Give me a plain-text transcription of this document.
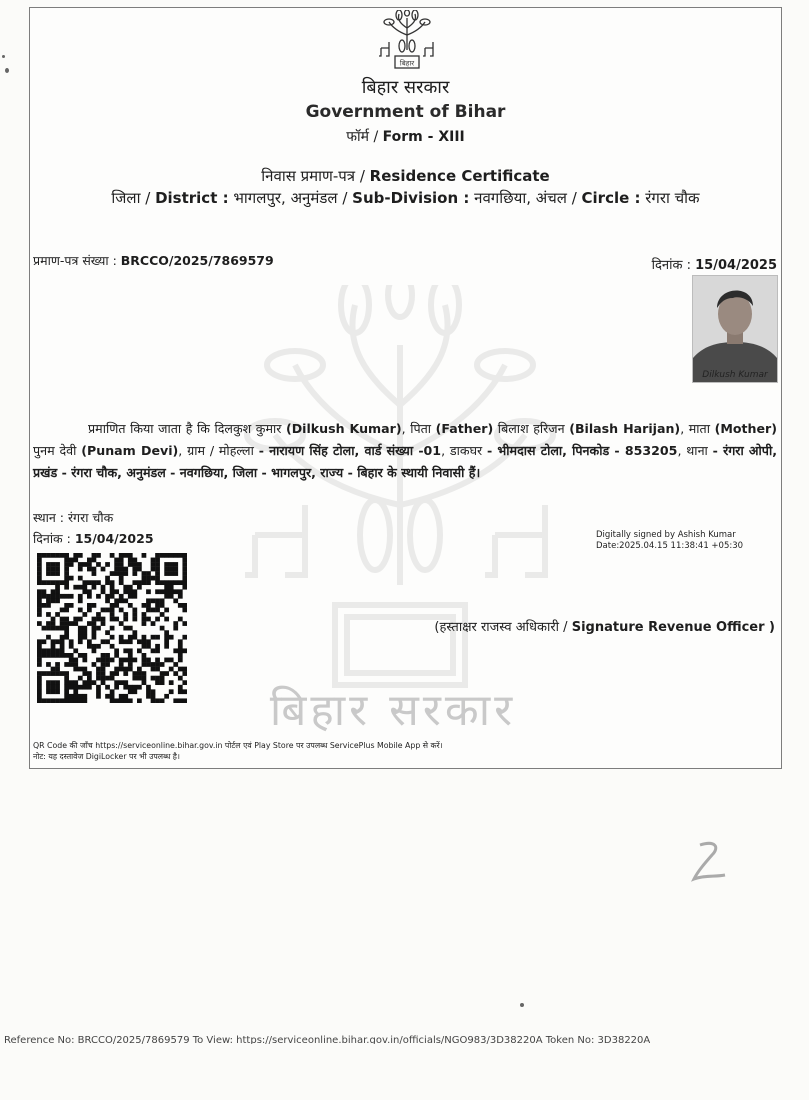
बिहार सरकार
बिहार
बिहार सरकार
Government of Bihar
फॉर्म / Form - XIII
निवास प्रमाण-पत्र / Residence Certificate
जिला / District : भागलपुर, अनुमंडल / Sub-Division : नवगछिया, अंचल / Circle : रंगरा चौक
प्रमाण-पत्र संख्या : BRCCO/2025/7869579	दिनांक : 15/04/2025
Dilkush Kumar
प्रमाणित किया जाता है कि दिलकुश कुमार (Dilkush Kumar), पिता (Father) बिलाश हरिजन (Bilash Harijan), माता (Mother) पुनम देवी (Punam Devi), ग्राम / मोहल्ला - नारायण सिंह टोला, वार्ड संख्या -01, डाकघर - भीमदास टोला, पिनकोड - 853205, थाना - रंगरा ओपी, प्रखंड - रंगरा चौक, अनुमंडल - नवगछिया, जिला - भागलपुर, राज्य - बिहार के स्थायी निवासी हैं।
स्थान : रंगरा चौक
दिनांक : 15/04/2025	Digitally signed by Ashish Kumar
Date:2025.04.15 11:38:41 +05:30
(हस्ताक्षर राजस्व अधिकारी / Signature Revenue Officer )
QR Code की जाँच https://serviceonline.bihar.gov.in पोर्टल एवं Play Store पर उपलब्ध ServicePlus Mobile App से करें।
नोट: यह दस्तावेज DigiLocker पर भी उपलब्ध है।
Reference No: BRCCO/2025/7869579 To View: https://serviceonline.bihar.gov.in/officials/NGO983/3D38220A Token No: 3D38220A
